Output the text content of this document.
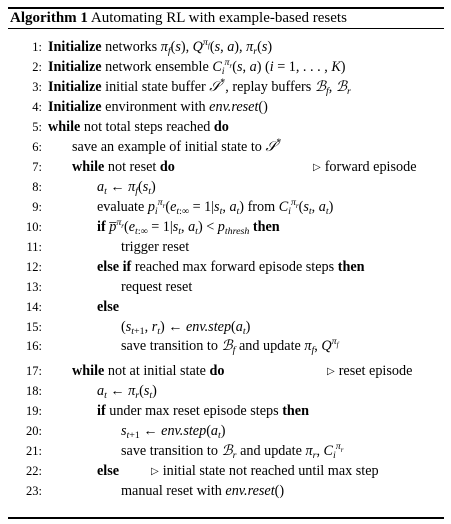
Algorithm 1 Automating RL with example-based resets
1: Initialize networks $\pi_f(s)$, $Q^{\pi_f}(s$, a), $\pi_r(s)$
2: Initialize network ensemble $C_i^{\pi_r}(s$, a) (i = 1, . . . , K)
3: Initialize initial state buffer 𝒮*, replay buffers ℬ$_f$, ℬ$_r$
4: Initialize environment with env.reset()
5: while not total steps reached do
6: save an example of initial state to 𝒮*
7: while not reset do	▷ forward episode
8:	$a_t$ ← $\pi_f(s_t)$
9:	evaluate $p_i^{\pi_r}(e_{t:\infty} = 1|s_t$, $a_t$) from $C_i^{\pi_r}(s_t$, $a_t$)
10:	if $p̅^{\pi_r}(e_{t:\infty} = 1|s_t$, $a_t) < p_{thresh}$ then
11:	trigger reset
12:	else if reached max forward episode steps then
13:	request reset
14:	else
15:	($s_{t+1}$, $r_t$) ← $env.step(a_t)$
16:	save transition to ℬ$_f$ and update $\pi_f$, $Q^{\pi_f}$
17: while not at initial state do	▷ reset episode
18:	$a_t$ ← $\pi_r(s_t)$
19:	if under max reset episode steps then
20:	$s_{t+1}$ ← $env.step(a_t)$
21:	save transition to ℬ$_r$ and update $\pi_r$, $C_i^{\pi_r}$
22:	else	▷ initial state not reached until max step
23:	manual reset with env.reset()
